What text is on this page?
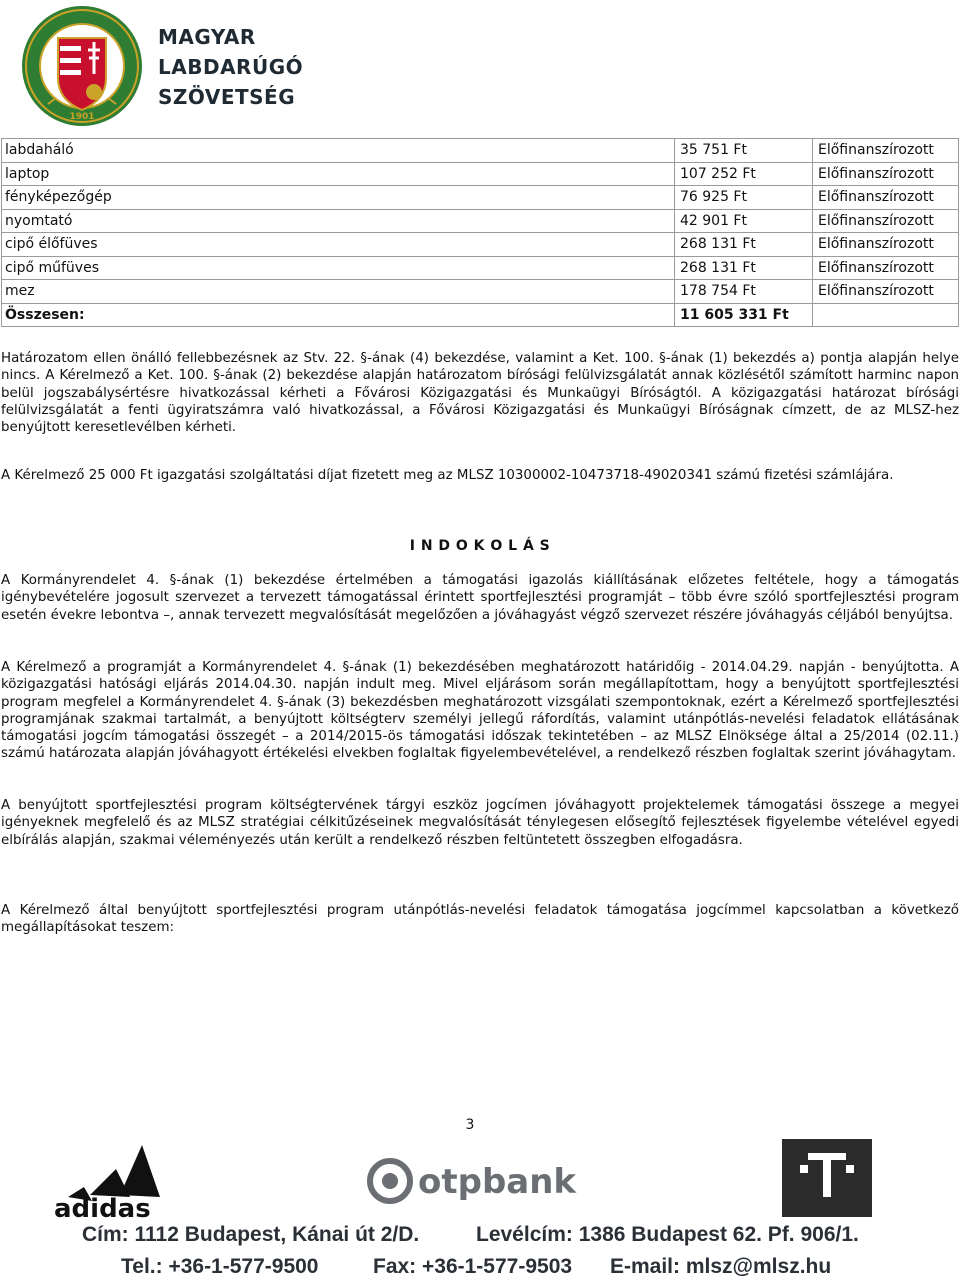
1901
MAGYAR
LABDARÚGÓ
SZÖVETSÉG
labdaháló	35 751 Ft	Előfinanszírozott
laptop	107 252 Ft	Előfinanszírozott
fényképezőgép	76 925 Ft	Előfinanszírozott
nyomtató	42 901 Ft	Előfinanszírozott
cipő élőfüves	268 131 Ft	Előfinanszírozott
cipő műfüves	268 131 Ft	Előfinanszírozott
mez	178 754 Ft	Előfinanszírozott
Összesen:	11 605 331 Ft	

Határozatom ellen önálló fellebbezésnek az Stv. 22. §-ának (4) bekezdése, valamint a Ket. 100. §-ának (1) bekezdés a) pontja alapján helye nincs. A Kérelmező a Ket. 100. §-ának (2) bekezdése alapján határozatom bírósági felülvizsgálatát annak közlésétől számított harminc napon belül jogszabálysértésre hivatkozással kérheti a Fővárosi Közigazgatási és Munkaügyi Bíróságtól. A közigazgatási határozat bírósági felülvizsgálatát a fenti ügyiratszámra való hivatkozással, a Fővárosi Közigazgatási és Munkaügyi Bíróságnak címzett, de az MLSZ-hez benyújtott keresetlevélben kérheti.

A Kérelmező 25 000 Ft igazgatási szolgáltatási díjat fizetett meg az MLSZ 10300002-10473718-49020341 számú fizetési számlájára.

I N D O K O L Á S

A Kormányrendelet 4. §-ának (1) bekezdése értelmében a támogatási igazolás kiállításának előzetes feltétele, hogy a támogatás igénybevételére jogosult szervezet a tervezett támogatással érintett sportfejlesztési programját – több évre szóló sportfejlesztési program esetén évekre lebontva –, annak tervezett megvalósítását megelőzően a jóváhagyást végző szervezet részére jóváhagyás céljából benyújtsa.

A Kérelmező a programját a Kormányrendelet 4. §-ának (1) bekezdésében meghatározott határidőig - 2014.04.29. napján - benyújtotta. A közigazgatási hatósági eljárás 2014.04.30. napján indult meg. Mivel eljárásom során megállapítottam, hogy a benyújtott sportfejlesztési program megfelel a Kormányrendelet 4. §-ának (3) bekezdésben meghatározott vizsgálati szempontoknak, ezért a Kérelmező sportfejlesztési programjának szakmai tartalmát, a benyújtott költségterv személyi jellegű ráfordítás, valamint utánpótlás-nevelési feladatok ellátásának támogatási jogcím támogatási összegét – a 2014/2015-ös támogatási időszak tekintetében – az MLSZ Elnöksége által a 25/2014 (02.11.) számú határozata alapján jóváhagyott értékelési elvekben foglaltak figyelembevételével, a rendelkező részben foglaltak szerint jóváhagytam.

A benyújtott sportfejlesztési program költségtervének tárgyi eszköz jogcímen jóváhagyott projektelemek támogatási összege a megyei igényeknek megfelelő és az MLSZ stratégiai célkitűzéseinek megvalósítását ténylegesen elősegítő fejlesztések figyelembe vételével egyedi elbírálás alapján, szakmai véleményezés után került a rendelkező részben feltüntetett összegben elfogadásra.

A Kérelmező által benyújtott sportfejlesztési program utánpótlás-nevelési feladatok támogatása jogcímmel kapcsolatban a következő megállapításokat teszem:

3
adidas
otpbank
Cím: 1112 Budapest, Kánai út 2/D.	Levélcím: 1386 Budapest 62. Pf. 906/1.
Tel.: +36-1-577-9500	Fax: +36-1-577-9503 E-mail: mlsz@mlsz.hu
